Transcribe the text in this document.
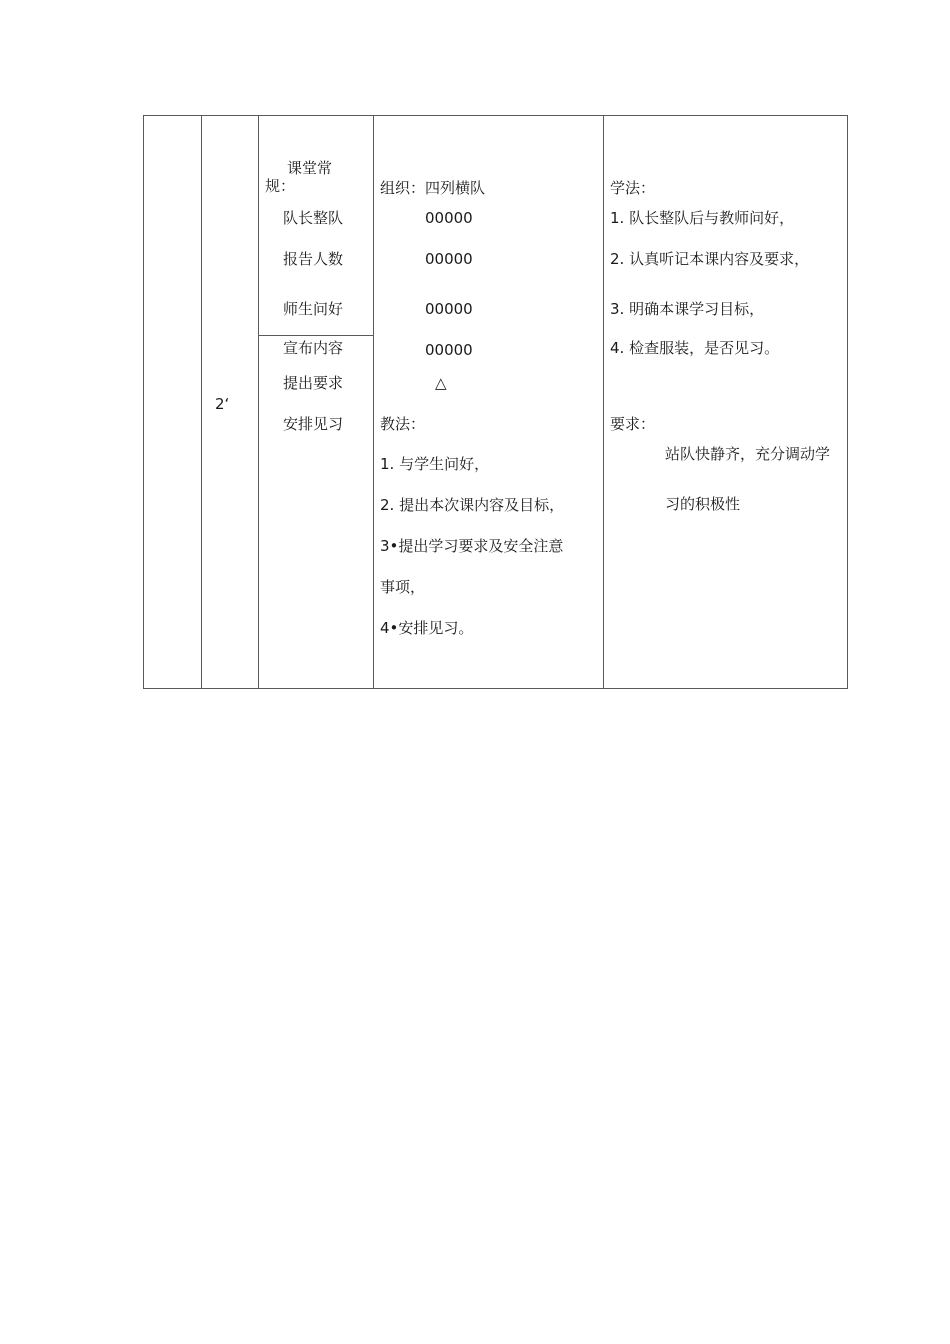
2‘
课堂常规：
队长整队
报告人数
师生问好
宣布内容
提出要求
安排见习
组织：四列横队
00000
00000
00000
00000
△
教法：
1. 与学生问好，
2. 提出本次课内容及目标，
3•提出学习要求及安全注意
事项，
4•安排见习。
学法：
1. 队长整队后与教师问好，
2. 认真听记本课内容及要求，
3. 明确本课学习目标，
4. 检查服装，是否见习。
要求：
站队快静齐，充分调动学
习的积极性
